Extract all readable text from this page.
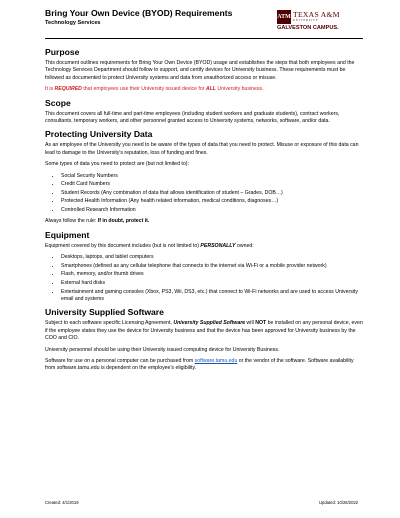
Bring Your Own Device (BYOD) Requirements
Technology Services
ATM TEXAS A&M
UNIVERSITY
GALVESTON CAMPUS.
Purpose

This document outlines requirements for Bring Your Own Device (BYOD) usage and establishes the steps that both employees and the Technology Services Department should follow to support, and certify devices for University business. These requirements must be followed as documented to protect University systems and data from unauthorized access or misuse.

It is REQUIRED that employees use their University issued device for ALL University business.

Scope

This document covers all full-time and part-time employees (including student workers and graduate students), contract workers, consultants, temporary workers, and other personnel granted access to University systems, networks, software, and/or data.

Protecting University Data

As an employee of the University you need to be aware of the types of data that you need to protect. Misuse or exposure of this data can lead to damage to the University's reputation, loss of funding and fines.

Some types of data you need to protect are (but not limited to):

• Social Security Numbers
• Credit Card Numbers
• Student Records (Any combination of data that allows identification of student – Grades, DOB…)
• Protected Health Information (Any health related information, medical conditions, diagnoses…)
• Controlled Research Information

Always follow the rule: If in doubt, protect it.

Equipment

Equipment covered by this document includes (but is not limited to) PERSONALLY owned:

• Desktops, laptops, and tablet computers
• Smartphones (defined as any cellular telephone that connects to the internet via Wi-Fi or a mobile provider network)
• Flash, memory, and/or thumb drives
• External hard disks
• Entertainment and gaming consoles (Xbox, PS3, Wii, DS3, etc.) that connect to Wi-Fi networks and are used to access University email and systems
University Supplied Software

Subject to each software specific Licensing Agreement, University Supplied Software will NOT be installed on any personal device, even if the employee states they use the device for University business and that the device has been approved for University business by the COO and CIO.

University personnel should be using their University issued computing device for University Business.

Software for use on a personal computer can be purchased from software.tamu.edu or the vendor of the software. Software availability from software.tamu.edu is dependent on the employee's eligibility.

Created: 4/1/2019	Updated: 10/26/2022
